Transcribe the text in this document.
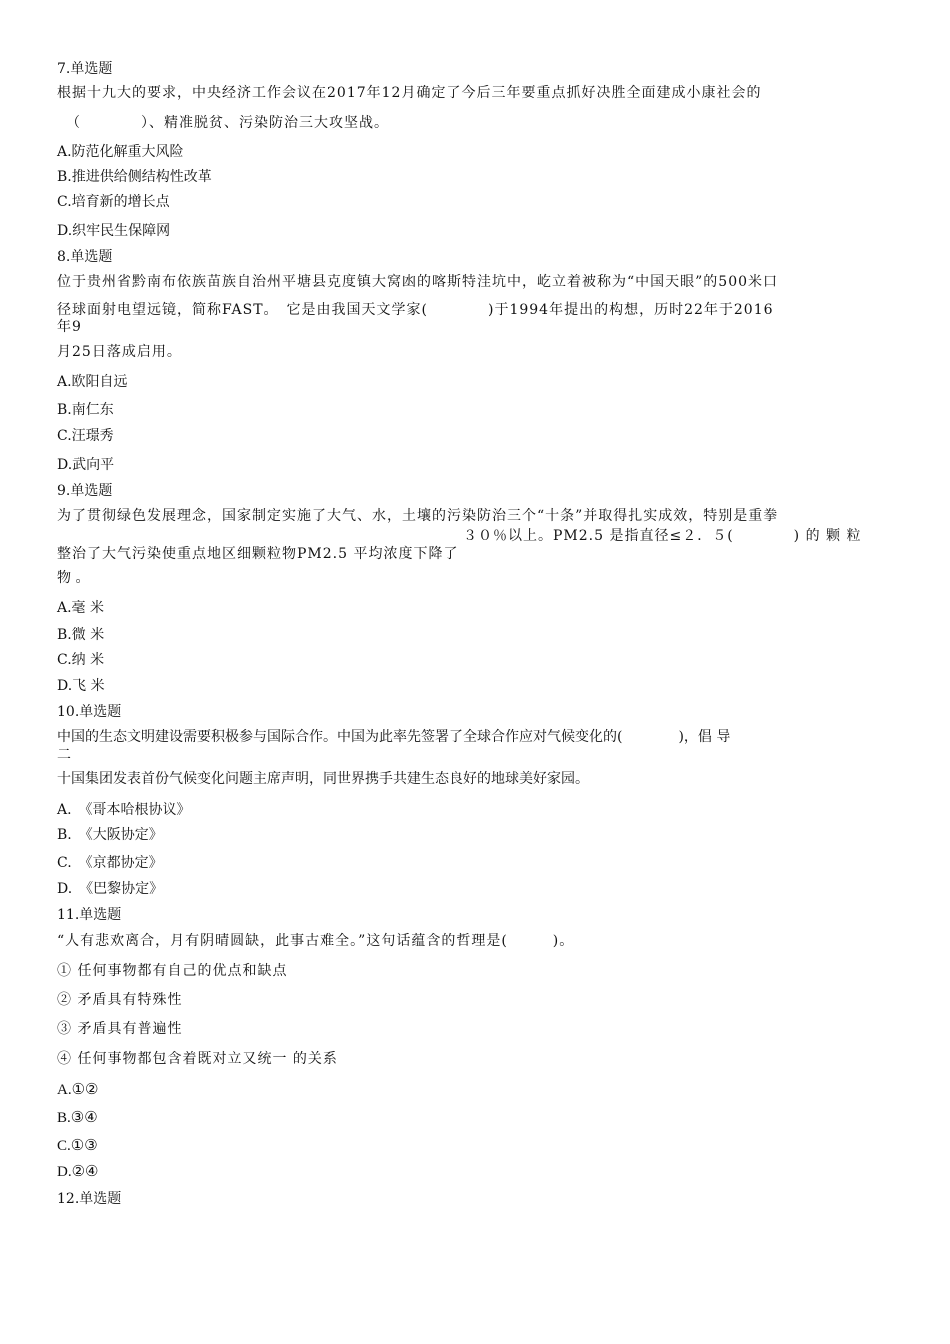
7.单选题
根据十九大的要求，中央经济工作会议在2017年12月确定了今后三年要重点抓好决胜全面建成小康社会的
（　　　　）、精准脱贫、污染防治三大攻坚战。
A.防范化解重大风险
B.推进供给侧结构性改革
C.培育新的增长点
D.织牢民生保障网
8.单选题
位于贵州省黔南布依族苗族自治州平塘县克度镇大窝凼的喀斯特洼坑中，屹立着被称为“中国天眼”的500米口
径球面射电望远镜，简称FAST。　它是由我国天文学家(　　　　)于1994年提出的构想，历时22年于2016
年9
月25日落成启用。
A.欧阳自远
B.南仁东
C.汪璟秀
D.武向平
9.单选题
为了贯彻绿色发展理念，国家制定实施了大气、水，土壤的污染防治三个“十条”并取得扎实成效，特别是重拳
３０％以上。PM2.5 是指直径≤２．５(　　　　) 的 颗 粒
整治了大气污染使重点地区细颗粒物PM2.5 平均浓度下降了
物 。
A.毫 米
B.微 米
C.纳 米
D.飞 米
10.单选题
中国的生态文明建设需要积极参与国际合作。中国为此率先签署了全球合作应对气候变化的(　　　　)，倡 导
二
十国集团发表首份气候变化问题主席声明，同世界携手共建生态良好的地球美好家园。
A.　《哥本哈根协议》
B.　《大阪协定》
C.　《京都协定》
D.　《巴黎协定》
11.单选题
“人有悲欢离合，月有阴晴圆缺，此事古难全。”这句话蕴含的哲理是(　　　)。
① 任何事物都有自己的优点和缺点
② 矛盾具有特殊性
③ 矛盾具有普遍性
④ 任何事物都包含着既对立又统一 的关系
A.①②
B.③④
C.①③
D.②④
12.单选题
